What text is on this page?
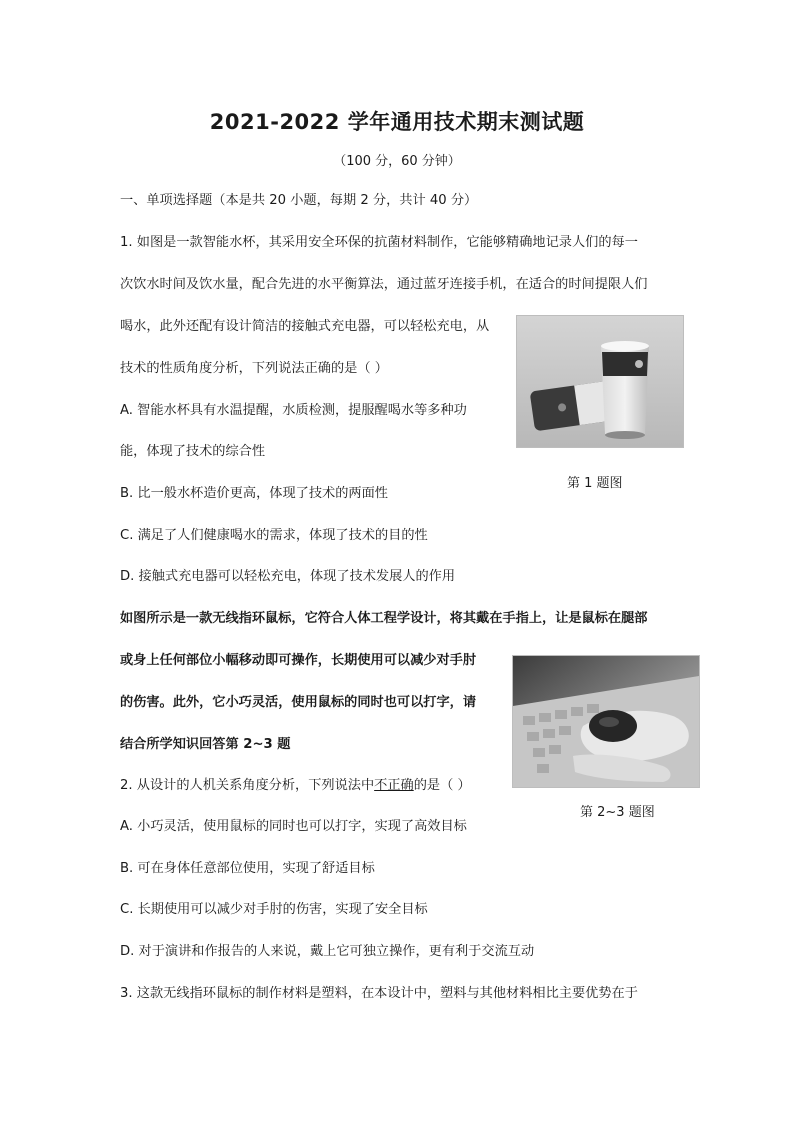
2021-2022 学年通用技术期末测试题
（100 分，60 分钟）
一、单项选择题（本是共 20 小题，每期 2 分，共计 40 分）
1. 如图是一款智能水杯，其采用安全环保的抗菌材料制作，它能够精确地记录人们的每一
次饮水时间及饮水量，配合先进的水平衡算法，通过蓝牙连接手机，在适合的时间提限人们
喝水，此外还配有设计简洁的接触式充电器，可以轻松充电，从
技术的性质角度分析，下列说法正确的是（ ）
A. 智能水杯具有水温提醒，水质检测，提服醒喝水等多种功
能，体现了技术的综合性
B. 比一般水杯造价更高，体现了技术的两面性
C. 满足了人们健康喝水的需求，体现了技术的目的性
D. 接触式充电器可以轻松充电，体现了技术发展人的作用
第 1 题图
如图所示是一款无线指环鼠标，它符合人体工程学设计，将其戴在手指上，让是鼠标在腿部
或身上任何部位小幅移动即可操作，长期使用可以减少对手肘
的伤害。此外，它小巧灵活，使用鼠标的同时也可以打字，请
结合所学知识回答第 2~3 题
第 2~3 题图
2. 从设计的人机关系角度分析，下列说法中不正确的是（ ）
A. 小巧灵活，使用鼠标的同时也可以打字，实现了高效目标
B. 可在身体任意部位使用，实现了舒适目标
C. 长期使用可以减少对手肘的伤害，实现了安全目标
D. 对于演讲和作报告的人来说，戴上它可独立操作，更有利于交流互动
3. 这款无线指环鼠标的制作材料是塑料，在本设计中，塑料与其他材料相比主要优势在于
